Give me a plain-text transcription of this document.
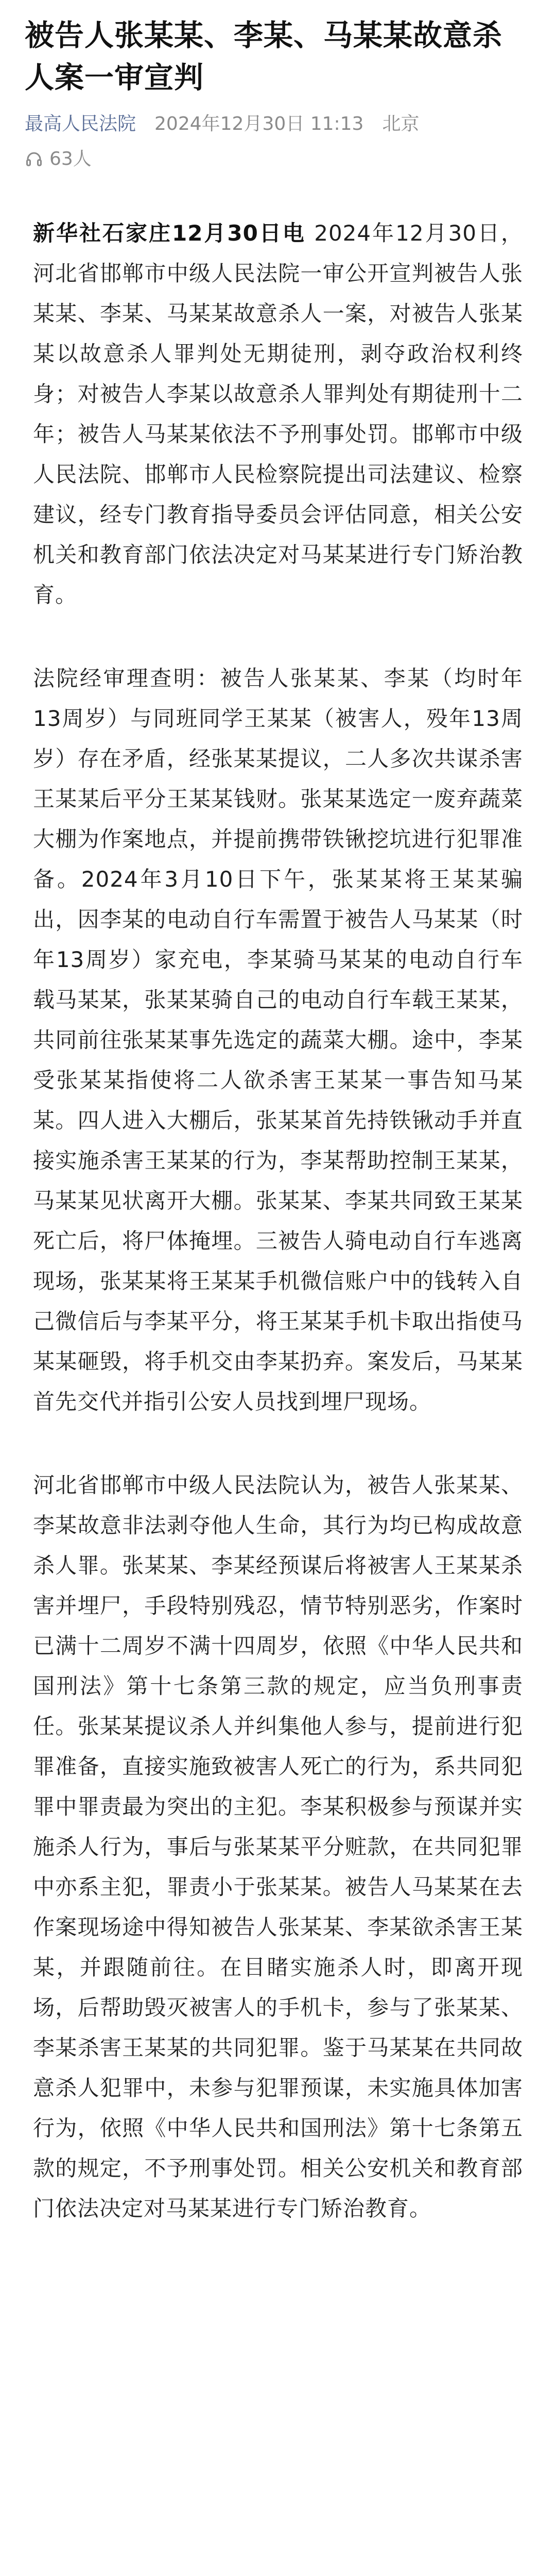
被告人张某某、李某、马某某故意杀人案一审宣判
最高人民法院 2024年12月30日 11:13 北京
63人

新华社石家庄12月30日电 2024年12月30日，河北省邯郸市中级人民法院一审公开宣判被告人张某某、李某、马某某故意杀人一案，对被告人张某某以故意杀人罪判处无期徒刑，剥夺政治权利终身；对被告人李某以故意杀人罪判处有期徒刑十二年；被告人马某某依法不予刑事处罚。邯郸市中级人民法院、邯郸市人民检察院提出司法建议、检察建议，经专门教育指导委员会评估同意，相关公安机关和教育部门依法决定对马某某进行专门矫治教育。

法院经审理查明：被告人张某某、李某（均时年13周岁）与同班同学王某某（被害人，殁年13周岁）存在矛盾，经张某某提议，二人多次共谋杀害王某某后平分王某某钱财。张某某选定一废弃蔬菜大棚为作案地点，并提前携带铁锹挖坑进行犯罪准备。2024年3月10日下午，张某某将王某某骗出，因李某的电动自行车需置于被告人马某某（时年13周岁）家充电，李某骑马某某的电动自行车载马某某，张某某骑自己的电动自行车载王某某，共同前往张某某事先选定的蔬菜大棚。途中，李某受张某某指使将二人欲杀害王某某一事告知马某某。四人进入大棚后，张某某首先持铁锹动手并直接实施杀害王某某的行为，李某帮助控制王某某，马某某见状离开大棚。张某某、李某共同致王某某死亡后，将尸体掩埋。三被告人骑电动自行车逃离现场，张某某将王某某手机微信账户中的钱转入自己微信后与李某平分，将王某某手机卡取出指使马某某砸毁，将手机交由李某扔弃。案发后，马某某首先交代并指引公安人员找到埋尸现场。

河北省邯郸市中级人民法院认为，被告人张某某、李某故意非法剥夺他人生命，其行为均已构成故意杀人罪。张某某、李某经预谋后将被害人王某某杀害并埋尸，手段特别残忍，情节特别恶劣，作案时已满十二周岁不满十四周岁，依照《中华人民共和国刑法》第十七条第三款的规定，应当负刑事责任。张某某提议杀人并纠集他人参与，提前进行犯罪准备，直接实施致被害人死亡的行为，系共同犯罪中罪责最为突出的主犯。李某积极参与预谋并实施杀人行为，事后与张某某平分赃款，在共同犯罪中亦系主犯，罪责小于张某某。被告人马某某在去作案现场途中得知被告人张某某、李某欲杀害王某某，并跟随前往。在目睹实施杀人时，即离开现场，后帮助毁灭被害人的手机卡，参与了张某某、李某杀害王某某的共同犯罪。鉴于马某某在共同故意杀人犯罪中，未参与犯罪预谋，未实施具体加害行为，依照《中华人民共和国刑法》第十七条第五款的规定，不予刑事处罚。相关公安机关和教育部门依法决定对马某某进行专门矫治教育。
